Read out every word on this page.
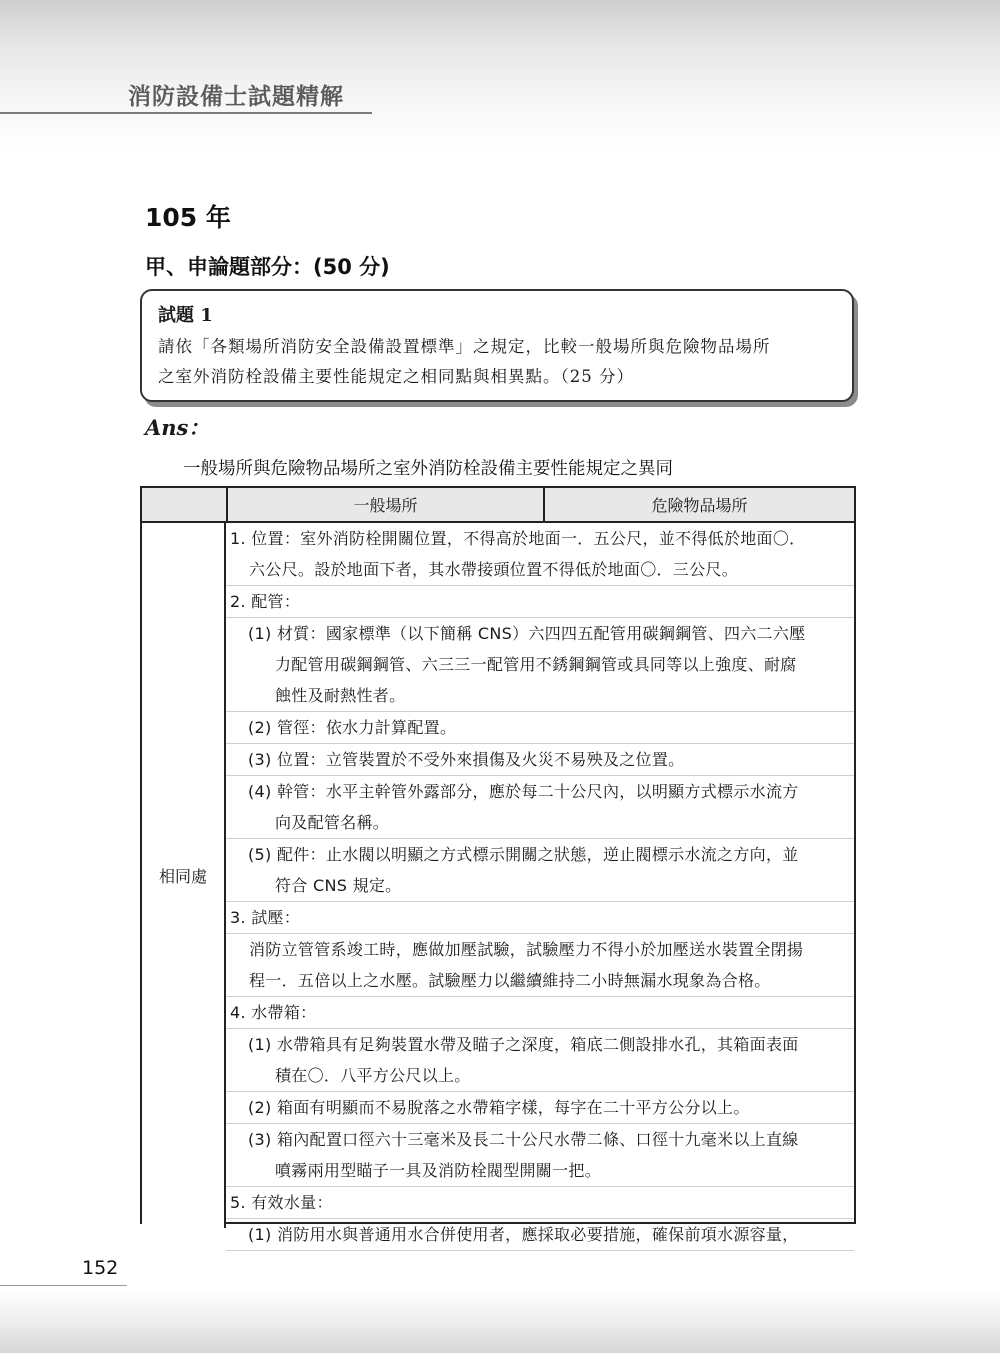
消防設備士試題精解
105 年
甲、申論題部分：(50 分)
試題 1
請依「各類場所消防安全設備設置標準」之規定，比較一般場所與危險物品場所
之室外消防栓設備主要性能規定之相同點與相異點。（25 分）
Ans：
一般場所與危險物品場所之室外消防栓設備主要性能規定之異同
一般場所	危險物品場所
相同處
1. 位置：室外消防栓開關位置，不得高於地面一．五公尺，並不得低於地面〇．
六公尺。設於地面下者，其水帶接頭位置不得低於地面〇．三公尺。
2. 配管：
(1) 材質：國家標準（以下簡稱 CNS）六四四五配管用碳鋼鋼管、四六二六壓
力配管用碳鋼鋼管、六三三一配管用不銹鋼鋼管或具同等以上強度、耐腐
蝕性及耐熱性者。
(2) 管徑：依水力計算配置。
(3) 位置：立管裝置於不受外來損傷及火災不易殃及之位置。
(4) 幹管：水平主幹管外露部分，應於每二十公尺內，以明顯方式標示水流方
向及配管名稱。
(5) 配件：止水閥以明顯之方式標示開關之狀態，逆止閥標示水流之方向，並
符合 CNS 規定。
3. 試壓：
消防立管管系竣工時，應做加壓試驗，試驗壓力不得小於加壓送水裝置全閉揚
程一．五倍以上之水壓。試驗壓力以繼續維持二小時無漏水現象為合格。
4. 水帶箱：
(1) 水帶箱具有足夠裝置水帶及瞄子之深度，箱底二側設排水孔，其箱面表面
積在〇．八平方公尺以上。
(2) 箱面有明顯而不易脫落之水帶箱字樣，每字在二十平方公分以上。
(3) 箱內配置口徑六十三毫米及長二十公尺水帶二條、口徑十九毫米以上直線
噴霧兩用型瞄子一具及消防栓閥型開關一把。
5. 有效水量：
(1) 消防用水與普通用水合併使用者，應採取必要措施，確保前項水源容量，
152
